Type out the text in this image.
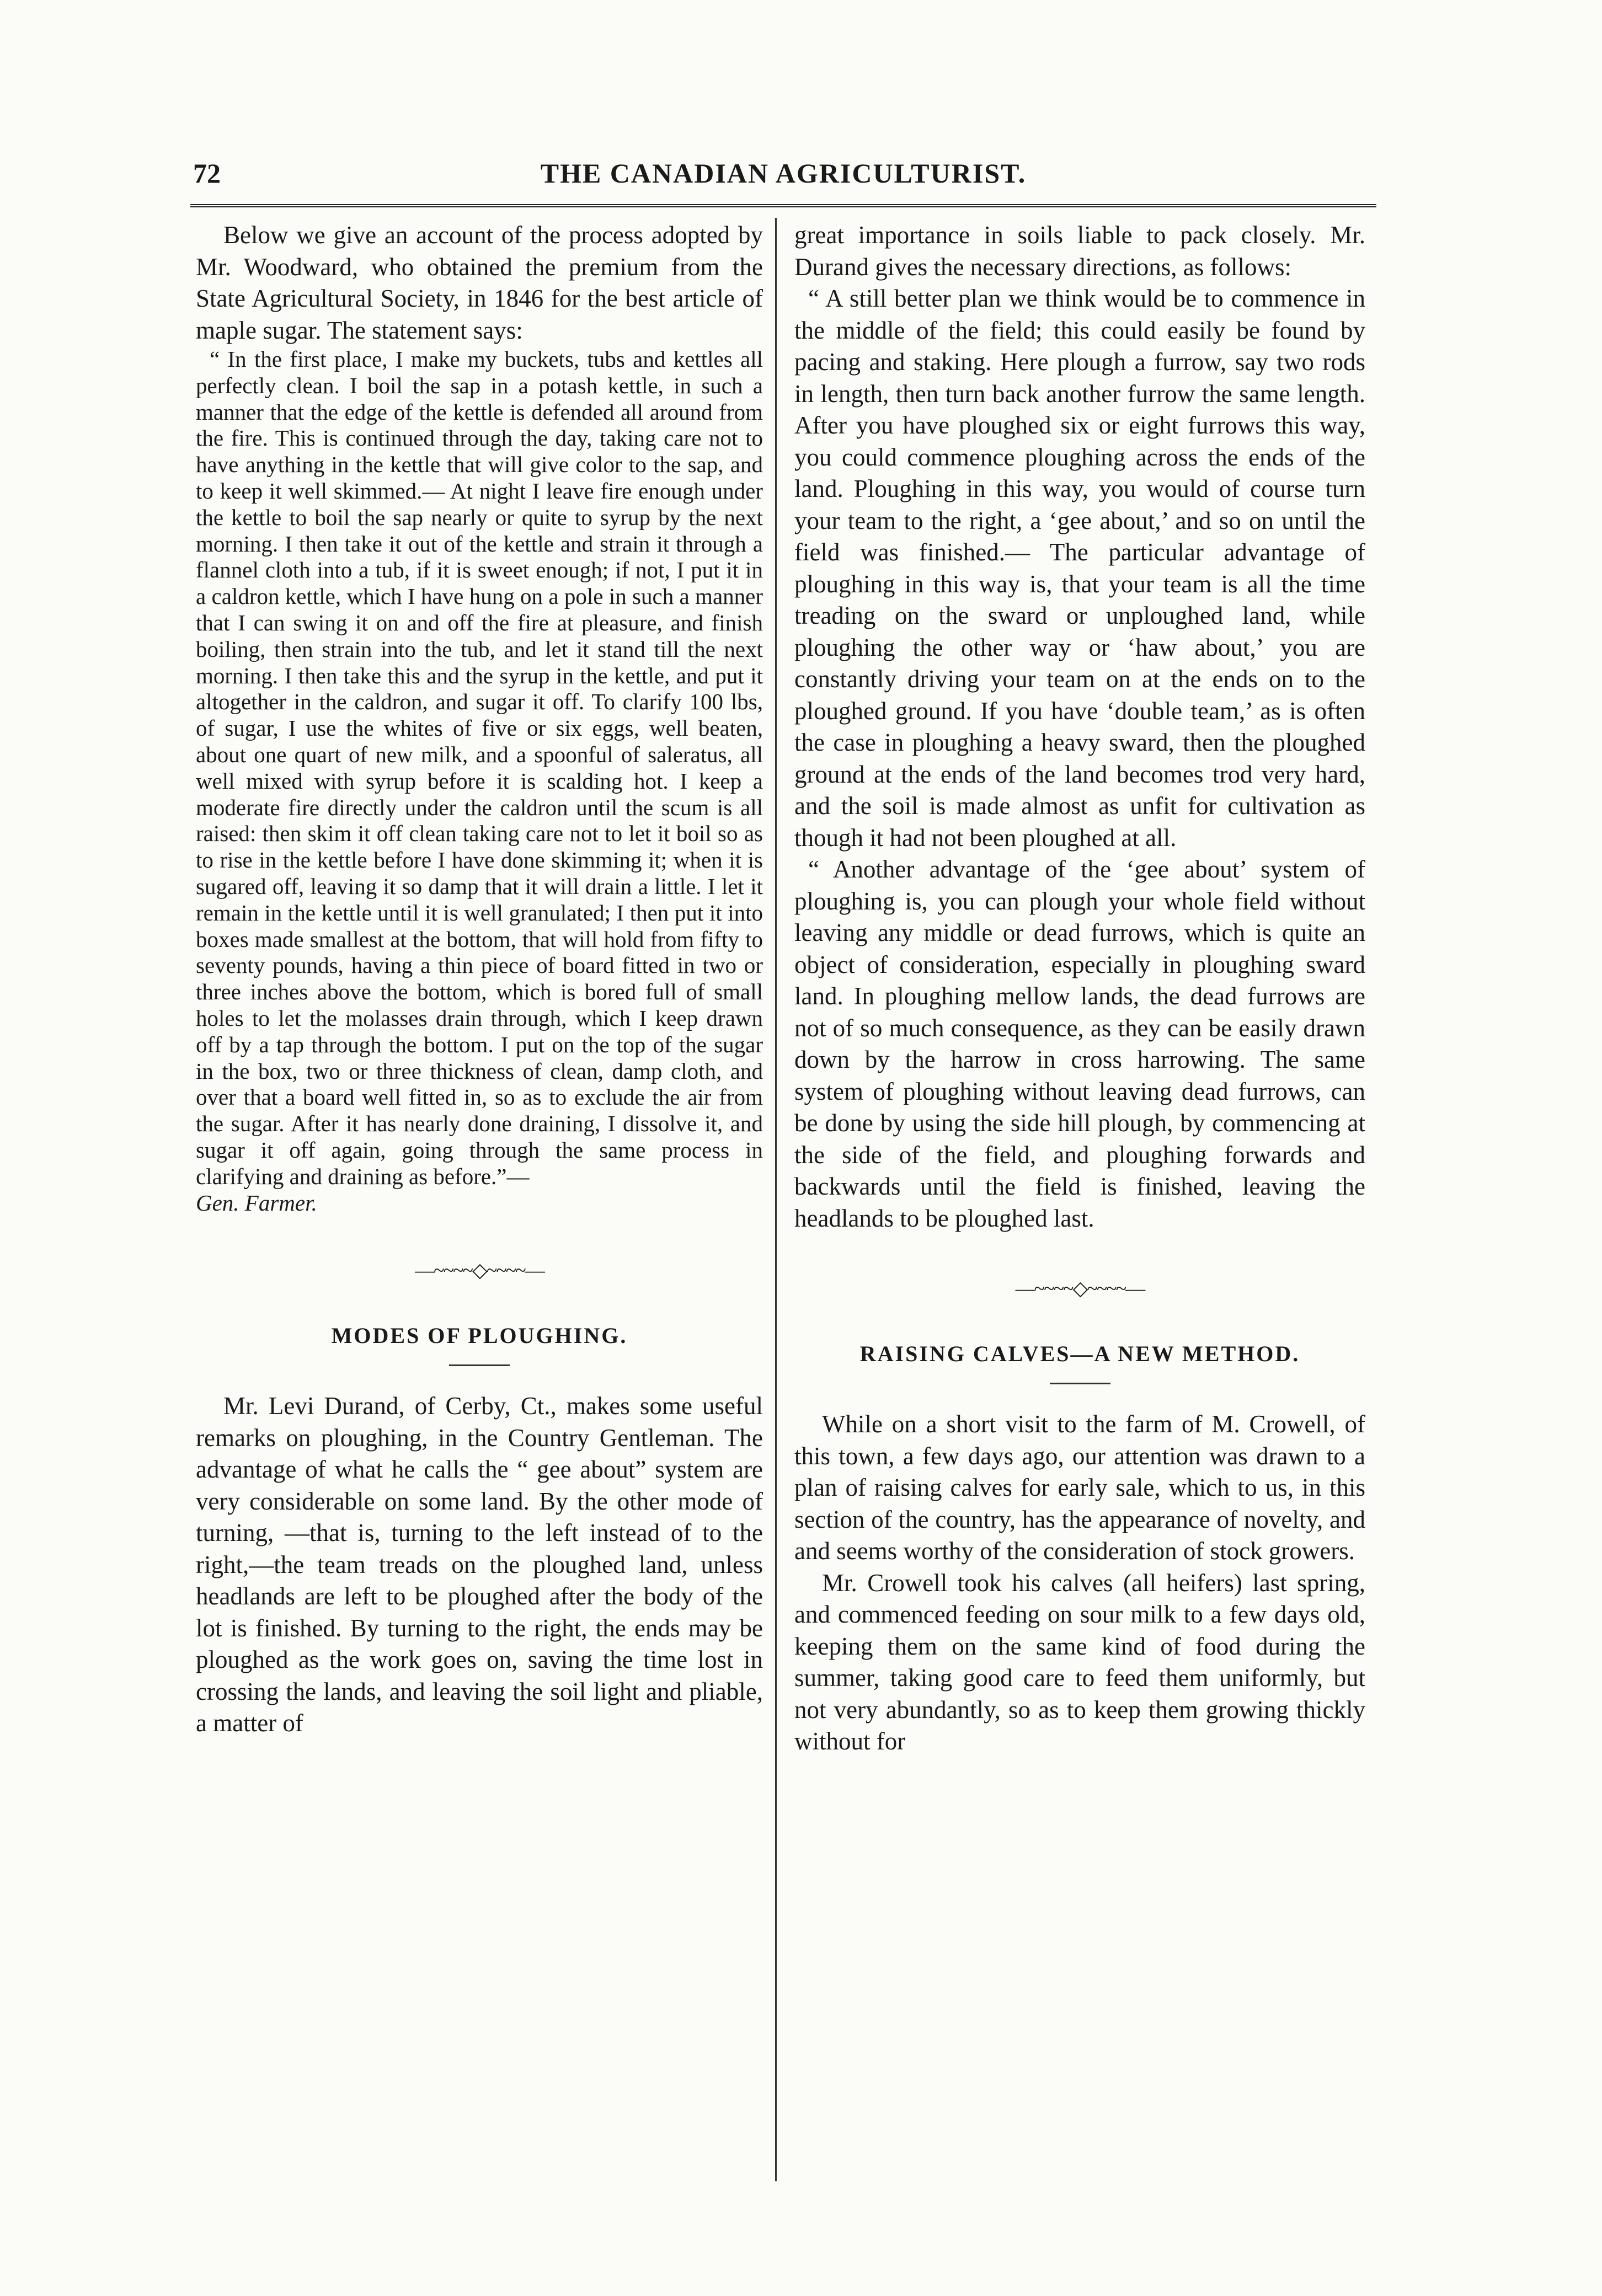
72	THE CANADIAN AGRICULTURIST.

Below we give an account of the process adopted by Mr. Woodward, who obtained the premium from the State Agricultural Society, in 1846 for the best article of maple sugar. The statement says:

“ In the first place, I make my buckets, tubs and kettles all perfectly clean. I boil the sap in a potash kettle, in such a manner that the edge of the kettle is defended all around from the fire. This is continued through the day, taking care not to have anything in the kettle that will give color to the sap, and to keep it well skimmed.— At night I leave fire enough under the kettle to boil the sap nearly or quite to syrup by the next morning. I then take it out of the kettle and strain it through a flannel cloth into a tub, if it is sweet enough; if not, I put it in a caldron kettle, which I have hung on a pole in such a manner that I can swing it on and off the fire at pleasure, and finish boiling, then strain into the tub, and let it stand till the next morning. I then take this and the syrup in the kettle, and put it altogether in the caldron, and sugar it off. To clarify 100 lbs, of sugar, I use the whites of five or six eggs, well beaten, about one quart of new milk, and a spoonful of saleratus, all well mixed with syrup before it is scalding hot. I keep a moderate fire directly under the caldron until the scum is all raised: then skim it off clean taking care not to let it boil so as to rise in the kettle before I have done skimming it; when it is sugared off, leaving it so damp that it will drain a little. I let it remain in the kettle until it is well granulated; I then put it into boxes made smallest at the bottom, that will hold from fifty to seventy pounds, having a thin piece of board fitted in two or three inches above the bottom, which is bored full of small holes to let the molasses drain through, which I keep drawn off by a tap through the bottom. I put on the top of the sugar in the box, two or three thickness of clean, damp cloth, and over that a board well fitted in, so as to exclude the air from the sugar. After it has nearly done draining, I dissolve it, and sugar it off again, going through the same process in clarifying and draining as before.”—

Gen. Farmer.

—~~~~◇~~~~—
MODES OF PLOUGHING.

Mr. Levi Durand, of Cerby, Ct., makes some useful remarks on ploughing, in the Country Gentleman. The advantage of what he calls the “ gee about” system are very considerable on some land. By the other mode of turning, —that is, turning to the left instead of to the right,—the team treads on the ploughed land, unless headlands are left to be ploughed after the body of the lot is finished. By turning to the right, the ends may be ploughed as the work goes on, saving the time lost in crossing the lands, and leaving the soil light and pliable, a matter of

great importance in soils liable to pack closely. Mr. Durand gives the necessary directions, as follows:

“ A still better plan we think would be to commence in the middle of the field; this could easily be found by pacing and staking. Here plough a furrow, say two rods in length, then turn back another furrow the same length. After you have ploughed six or eight furrows this way, you could commence ploughing across the ends of the land. Ploughing in this way, you would of course turn your team to the right, a ‘gee about,’ and so on until the field was finished.— The particular advantage of ploughing in this way is, that your team is all the time treading on the sward or unploughed land, while ploughing the other way or ‘haw about,’ you are constantly driving your team on at the ends on to the ploughed ground. If you have ‘double team,’ as is often the case in ploughing a heavy sward, then the ploughed ground at the ends of the land becomes trod very hard, and the soil is made almost as unfit for cultivation as though it had not been ploughed at all.

“ Another advantage of the ‘gee about’ system of ploughing is, you can plough your whole field without leaving any middle or dead furrows, which is quite an object of consideration, especially in ploughing sward land. In ploughing mellow lands, the dead furrows are not of so much consequence, as they can be easily drawn down by the harrow in cross harrowing. The same system of ploughing without leaving dead furrows, can be done by using the side hill plough, by commencing at the side of the field, and ploughing forwards and backwards until the field is finished, leaving the headlands to be ploughed last.

—~~~~◇~~~~—
RAISING CALVES—A NEW METHOD.

While on a short visit to the farm of M. Crowell, of this town, a few days ago, our attention was drawn to a plan of raising calves for early sale, which to us, in this section of the country, has the appearance of novelty, and and seems worthy of the consideration of stock growers.

Mr. Crowell took his calves (all heifers) last spring, and commenced feeding on sour milk to a few days old, keeping them on the same kind of food during the summer, taking good care to feed them uniformly, but not very abundantly, so as to keep them growing thickly without for
